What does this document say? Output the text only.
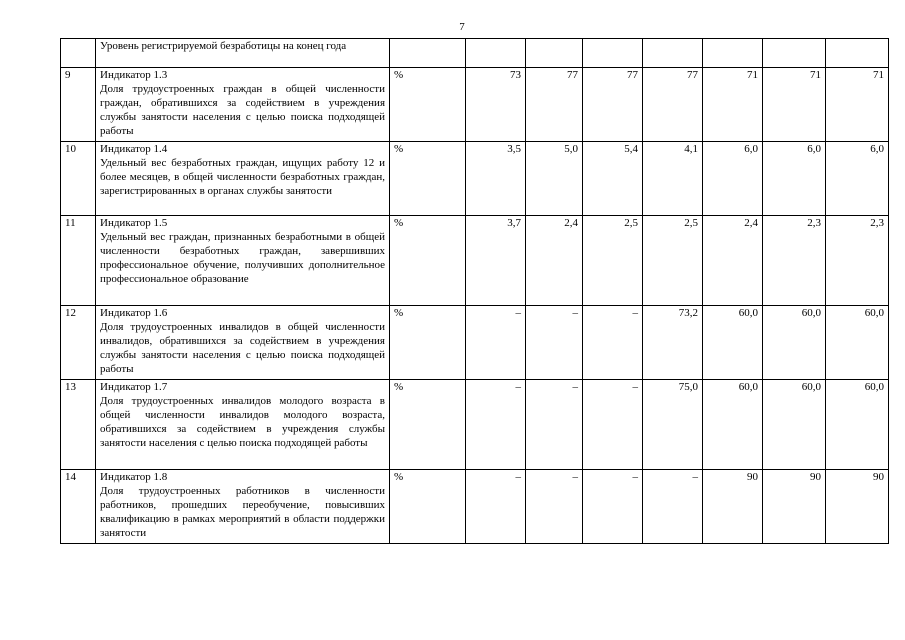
7

	Уровень регистрируемой безработицы на конец года								

9	Индикатор 1.3
Доля трудоустроенных граждан в общей численности граждан, обратившихся за содействием в учреждения службы занятости населения с целью поиска подходящей работы	%	73	77	77	77	71	71	71
10	Индикатор 1.4
Удельный вес безработных граждан, ищущих работу 12 и более месяцев, в общей численности безработных граждан, зарегистрированных в органах службы занятости	%	3,5	5,0	5,4	4,1	6,0	6,0	6,0
11	Индикатор 1.5
Удельный вес граждан, признанных безработными в общей численности безработных граждан, завершивших профессиональное обучение, получивших дополнительное профессиональное образование	%	3,7	2,4	2,5	2,5	2,4	2,3	2,3
12	Индикатор 1.6
Доля трудоустроенных инвалидов в общей численности инвалидов, обратившихся за содействием в учреждения службы занятости населения с целью поиска подходящей работы	%	–	–	–	73,2	60,0	60,0	60,0
13	Индикатор 1.7
Доля трудоустроенных инвалидов молодого возраста в общей численности инвалидов молодого возраста, обратившихся за содействием в учреждения службы занятости населения с целью поиска подходящей работы	%	–	–	–	75,0	60,0	60,0	60,0
14	Индикатор 1.8
Доля трудоустроенных работников в численности работников, прошедших переобучение, повысивших квалификацию в рамках мероприятий в области поддержки занятости	%	–	–	–	–	90	90	90
